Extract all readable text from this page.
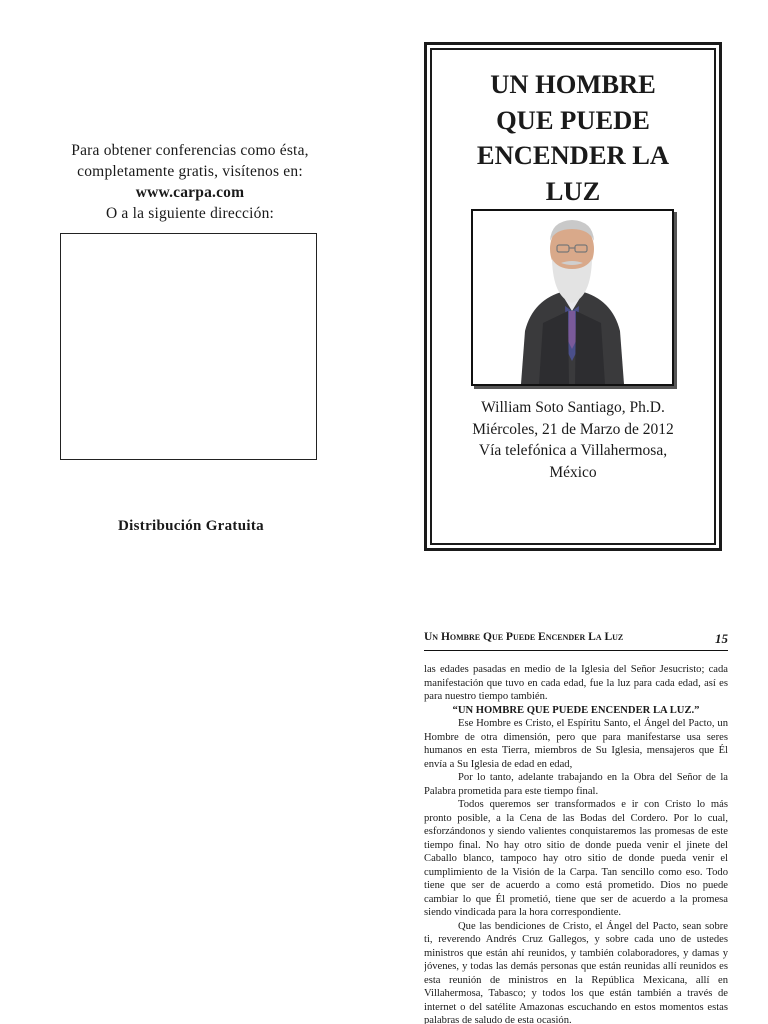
Para obtener conferencias como ésta,
completamente gratis, visítenos en:
www.carpa.com
O a la siguiente dirección:
Distribución Gratuita
UN HOMBRE
QUE PUEDE
ENCENDER LA
LUZ
William Soto Santiago, Ph.D.
Miércoles, 21 de Marzo de 2012
Vía telefónica a Villahermosa,
México
Un Hombre Que Puede Encender La Luz	15

las edades pasadas en medio de la Iglesia del Señor Jesucristo; cada manifestación que tuvo en cada edad, fue la luz para cada edad, así es para nuestro tiempo también.

“UN HOMBRE QUE PUEDE ENCENDER LA LUZ.”

Ese Hombre es Cristo, el Espíritu Santo, el Ángel del Pacto, un Hombre de otra dimensión, pero que para manifestarse usa seres humanos en esta Tierra, miembros de Su Iglesia, mensajeros que Él envía a Su Iglesia de edad en edad,

Por lo tanto, adelante trabajando en la Obra del Señor de la Palabra prometida para este tiempo final.

Todos queremos ser transformados e ir con Cristo lo más pronto posible, a la Cena de las Bodas del Cordero. Por lo cual, esforzándonos y siendo valientes conquistaremos las promesas de este tiempo final. No hay otro sitio de donde pueda venir el jinete del Caballo blanco, tampoco hay otro sitio de donde pueda venir el cumplimiento de la Visión de la Carpa. Tan sencillo como eso. Todo tiene que ser de acuerdo a como está prometido. Dios no puede cambiar lo que Él prometió, tiene que ser de acuerdo a la promesa siendo vindicada para la hora correspondiente.

Que las bendiciones de Cristo, el Ángel del Pacto, sean sobre ti, reverendo Andrés Cruz Gallegos, y sobre cada uno de ustedes ministros que están ahí reunidos, y también colaboradores, y damas y jóvenes, y todas las demás personas que están reunidas allí reunidos es esta reunión de ministros en la República Mexicana, allí en Villahermosa, Tabasco; y todos los que están también a través de internet o del satélite Amazonas escuchando en estos momentos estas palabras de saludo de esta ocasión.
